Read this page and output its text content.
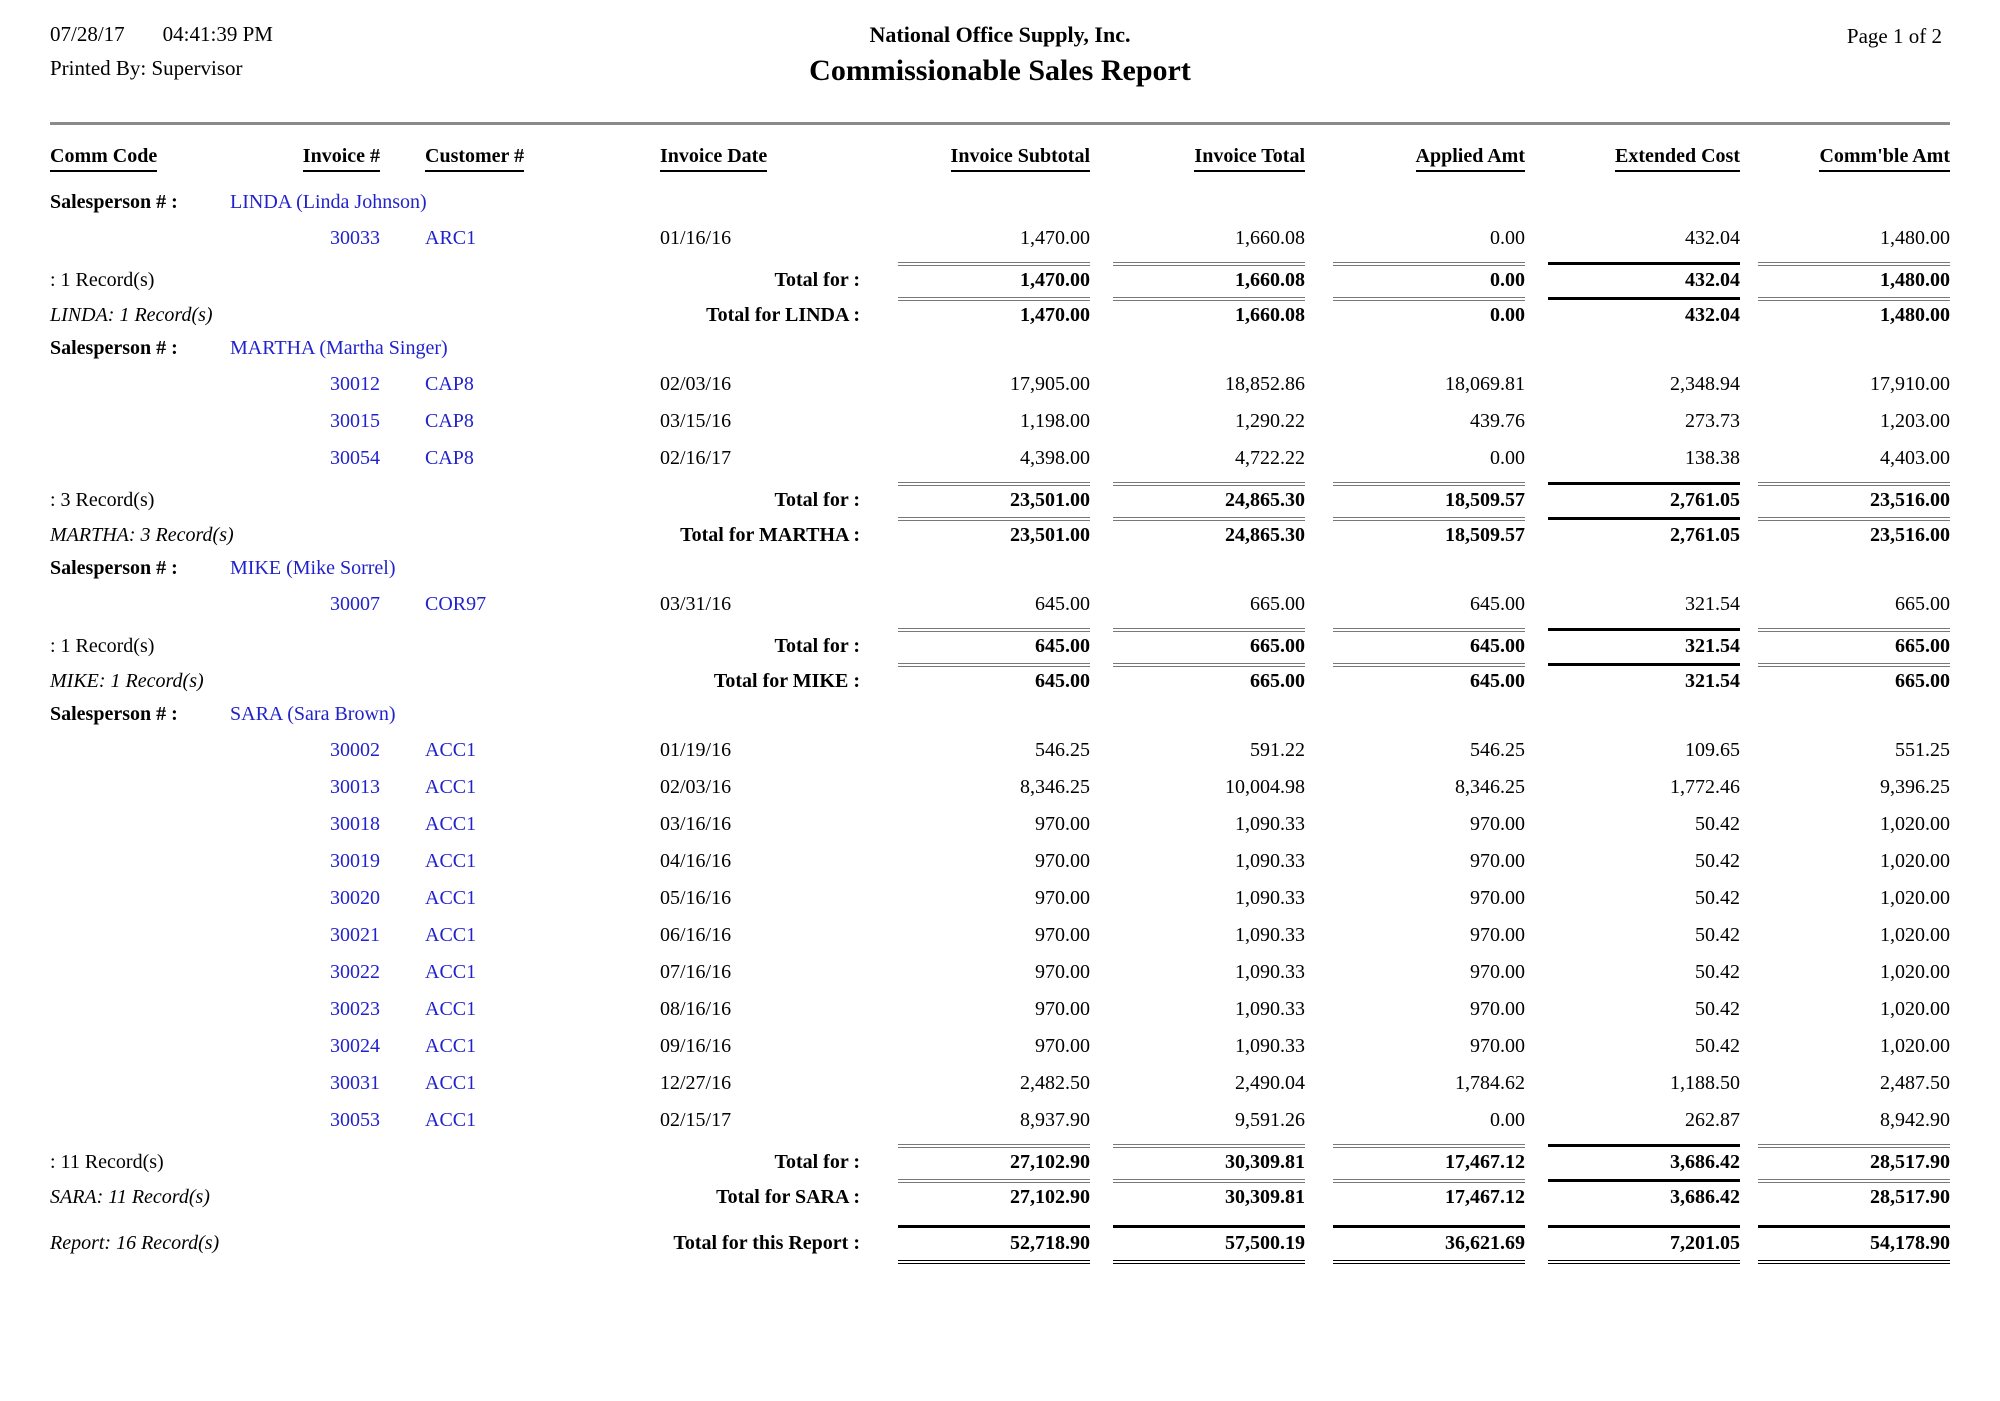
07/28/17 04:41:39 PM
Printed By: Supervisor
National Office Supply, Inc.
Commissionable Sales Report
Page 1 of 2
Comm Code	Invoice #	Customer #	Invoice Date	Invoice Subtotal	Invoice Total	Applied Amt	Extended Cost	Comm'ble Amt
Salesperson # :	LINDA (Linda Johnson)
30033	ARC1	01/16/16	1,470.00	1,660.08	0.00	432.04	1,480.00
: 1 Record(s)	Total for :	1,470.00	1,660.08	0.00	432.04	1,480.00
LINDA: 1 Record(s)	Total for LINDA :	1,470.00	1,660.08	0.00	432.04	1,480.00
Salesperson # :	MARTHA (Martha Singer)
30012	CAP8	02/03/16	17,905.00	18,852.86	18,069.81	2,348.94	17,910.00
30015	CAP8	03/15/16	1,198.00	1,290.22	439.76	273.73	1,203.00
30054	CAP8	02/16/17	4,398.00	4,722.22	0.00	138.38	4,403.00
: 3 Record(s)	Total for :	23,501.00	24,865.30	18,509.57	2,761.05	23,516.00
MARTHA: 3 Record(s)	Total for MARTHA :	23,501.00	24,865.30	18,509.57	2,761.05	23,516.00
Salesperson # :	MIKE (Mike Sorrel)
30007	COR97	03/31/16	645.00	665.00	645.00	321.54	665.00
: 1 Record(s)	Total for :	645.00	665.00	645.00	321.54	665.00
MIKE: 1 Record(s)	Total for MIKE :	645.00	665.00	645.00	321.54	665.00
Salesperson # :	SARA (Sara Brown)
30002	ACC1	01/19/16	546.25	591.22	546.25	109.65	551.25
30013	ACC1	02/03/16	8,346.25	10,004.98	8,346.25	1,772.46	9,396.25
30018	ACC1	03/16/16	970.00	1,090.33	970.00	50.42	1,020.00
30019	ACC1	04/16/16	970.00	1,090.33	970.00	50.42	1,020.00
30020	ACC1	05/16/16	970.00	1,090.33	970.00	50.42	1,020.00
30021	ACC1	06/16/16	970.00	1,090.33	970.00	50.42	1,020.00
30022	ACC1	07/16/16	970.00	1,090.33	970.00	50.42	1,020.00
30023	ACC1	08/16/16	970.00	1,090.33	970.00	50.42	1,020.00
30024	ACC1	09/16/16	970.00	1,090.33	970.00	50.42	1,020.00
30031	ACC1	12/27/16	2,482.50	2,490.04	1,784.62	1,188.50	2,487.50
30053	ACC1	02/15/17	8,937.90	9,591.26	0.00	262.87	8,942.90
: 11 Record(s)	Total for :	27,102.90	30,309.81	17,467.12	3,686.42	28,517.90
SARA: 11 Record(s)	Total for SARA :	27,102.90	30,309.81	17,467.12	3,686.42	28,517.90
Report: 16 Record(s)	Total for this Report :	52,718.90	57,500.19	36,621.69	7,201.05	54,178.90
